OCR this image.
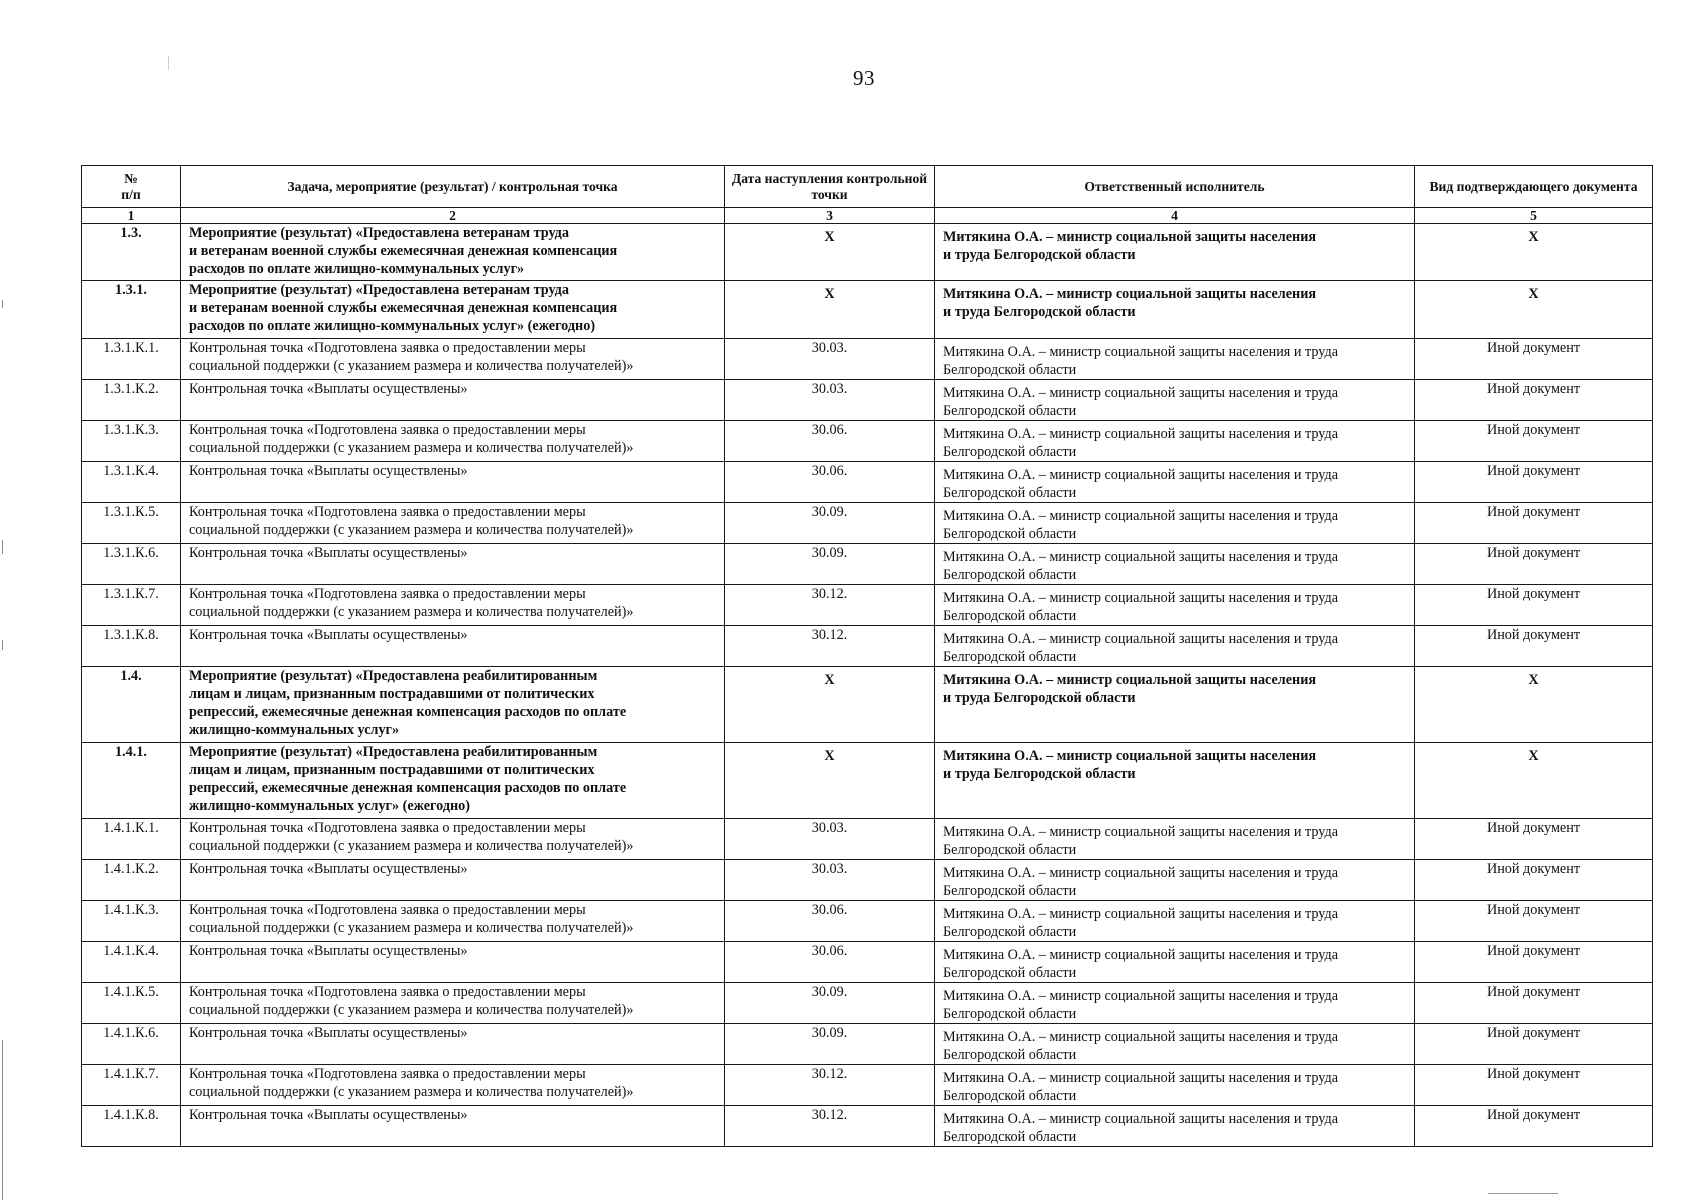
93
№
п/п	Задача, мероприятие (результат) / контрольная точка	Дата наступления контрольной точки	Ответственный исполнитель	Вид подтверждающего документа
1	2	3	4	5
1.3.	Мероприятие (результат) «Предоставлена ветеранам труда
и ветеранам военной службы ежемесячная денежная компенсация
расходов по оплате жилищно-коммунальных услуг»	X	Митякина О.А. – министр социальной защиты населения
и труда Белгородской области	X
1.3.1.	Мероприятие (результат) «Предоставлена ветеранам труда
и ветеранам военной службы ежемесячная денежная компенсация
расходов по оплате жилищно-коммунальных услуг» (ежегодно)	X	Митякина О.А. – министр социальной защиты населения
и труда Белгородской области	X
1.3.1.К.1.	Контрольная точка «Подготовлена заявка о предоставлении меры
социальной поддержки (с указанием размера и количества получателей)»	30.03.	Митякина О.А. – министр социальной защиты населения и труда
Белгородской области	Иной документ
1.3.1.К.2.	Контрольная точка «Выплаты осуществлены»	30.03.	Митякина О.А. – министр социальной защиты населения и труда
Белгородской области	Иной документ
1.3.1.К.3.	Контрольная точка «Подготовлена заявка о предоставлении меры
социальной поддержки (с указанием размера и количества получателей)»	30.06.	Митякина О.А. – министр социальной защиты населения и труда
Белгородской области	Иной документ
1.3.1.К.4.	Контрольная точка «Выплаты осуществлены»	30.06.	Митякина О.А. – министр социальной защиты населения и труда
Белгородской области	Иной документ
1.3.1.К.5.	Контрольная точка «Подготовлена заявка о предоставлении меры
социальной поддержки (с указанием размера и количества получателей)»	30.09.	Митякина О.А. – министр социальной защиты населения и труда
Белгородской области	Иной документ
1.3.1.К.6.	Контрольная точка «Выплаты осуществлены»	30.09.	Митякина О.А. – министр социальной защиты населения и труда
Белгородской области	Иной документ
1.3.1.К.7.	Контрольная точка «Подготовлена заявка о предоставлении меры
социальной поддержки (с указанием размера и количества получателей)»	30.12.	Митякина О.А. – министр социальной защиты населения и труда
Белгородской области	Иной документ
1.3.1.К.8.	Контрольная точка «Выплаты осуществлены»	30.12.	Митякина О.А. – министр социальной защиты населения и труда
Белгородской области	Иной документ
1.4.	Мероприятие (результат) «Предоставлена реабилитированным
лицам и лицам, признанным пострадавшими от политических
репрессий, ежемесячные денежная компенсация расходов по оплате
жилищно-коммунальных услуг»	X	Митякина О.А. – министр социальной защиты населения
и труда Белгородской области	X
1.4.1.	Мероприятие (результат) «Предоставлена реабилитированным
лицам и лицам, признанным пострадавшими от политических
репрессий, ежемесячные денежная компенсация расходов по оплате
жилищно-коммунальных услуг» (ежегодно)	X	Митякина О.А. – министр социальной защиты населения
и труда Белгородской области	X
1.4.1.К.1.	Контрольная точка «Подготовлена заявка о предоставлении меры
социальной поддержки (с указанием размера и количества получателей)»	30.03.	Митякина О.А. – министр социальной защиты населения и труда
Белгородской области	Иной документ
1.4.1.К.2.	Контрольная точка «Выплаты осуществлены»	30.03.	Митякина О.А. – министр социальной защиты населения и труда
Белгородской области	Иной документ
1.4.1.К.3.	Контрольная точка «Подготовлена заявка о предоставлении меры
социальной поддержки (с указанием размера и количества получателей)»	30.06.	Митякина О.А. – министр социальной защиты населения и труда
Белгородской области	Иной документ
1.4.1.К.4.	Контрольная точка «Выплаты осуществлены»	30.06.	Митякина О.А. – министр социальной защиты населения и труда
Белгородской области	Иной документ
1.4.1.К.5.	Контрольная точка «Подготовлена заявка о предоставлении меры
социальной поддержки (с указанием размера и количества получателей)»	30.09.	Митякина О.А. – министр социальной защиты населения и труда
Белгородской области	Иной документ
1.4.1.К.6.	Контрольная точка «Выплаты осуществлены»	30.09.	Митякина О.А. – министр социальной защиты населения и труда
Белгородской области	Иной документ
1.4.1.К.7.	Контрольная точка «Подготовлена заявка о предоставлении меры
социальной поддержки (с указанием размера и количества получателей)»	30.12.	Митякина О.А. – министр социальной защиты населения и труда
Белгородской области	Иной документ
1.4.1.К.8.	Контрольная точка «Выплаты осуществлены»	30.12.	Митякина О.А. – министр социальной защиты населения и труда
Белгородской области	Иной документ
